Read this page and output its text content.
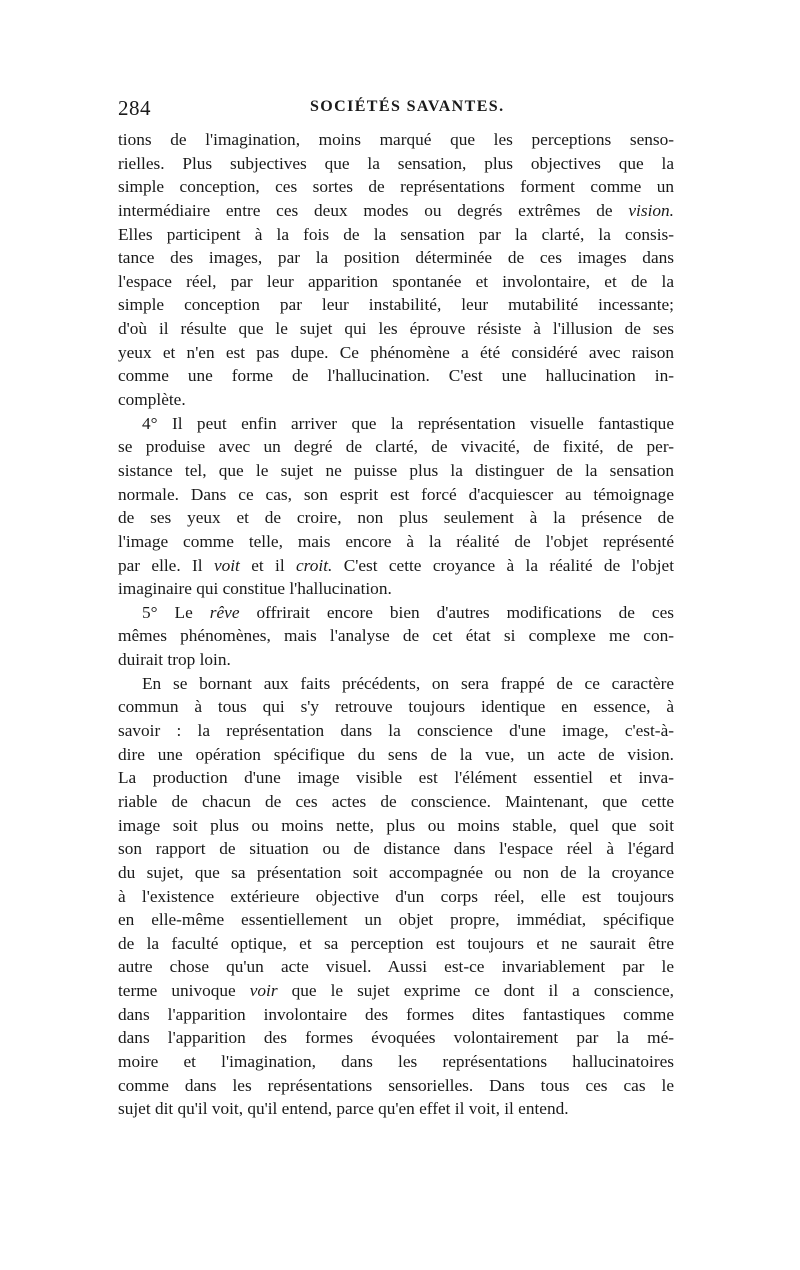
284	SOCIÉTÉS SAVANTES.
tions de l'imagination, moins marqué que les perceptions senso-
rielles. Plus subjectives que la sensation, plus objectives que la
simple conception, ces sortes de représentations forment comme un
intermédiaire entre ces deux modes ou degrés extrêmes de vision.
Elles participent à la fois de la sensation par la clarté, la consis-
tance des images, par la position déterminée de ces images dans
l'espace réel, par leur apparition spontanée et involontaire, et de la
simple conception par leur instabilité, leur mutabilité incessante;
d'où il résulte que le sujet qui les éprouve résiste à l'illusion de ses
yeux et n'en est pas dupe. Ce phénomène a été considéré avec raison
comme une forme de l'hallucination. C'est une hallucination in-
complète.
4° Il peut enfin arriver que la représentation visuelle fantastique
se produise avec un degré de clarté, de vivacité, de fixité, de per-
sistance tel, que le sujet ne puisse plus la distinguer de la sensation
normale. Dans ce cas, son esprit est forcé d'acquiescer au témoignage
de ses yeux et de croire, non plus seulement à la présence de
l'image comme telle, mais encore à la réalité de l'objet représenté
par elle. Il voit et il croit. C'est cette croyance à la réalité de l'objet
imaginaire qui constitue l'hallucination.
5° Le rêve offrirait encore bien d'autres modifications de ces
mêmes phénomènes, mais l'analyse de cet état si complexe me con-
duirait trop loin.
En se bornant aux faits précédents, on sera frappé de ce caractère
commun à tous qui s'y retrouve toujours identique en essence, à
savoir : la représentation dans la conscience d'une image, c'est-à-
dire une opération spécifique du sens de la vue, un acte de vision.
La production d'une image visible est l'élément essentiel et inva-
riable de chacun de ces actes de conscience. Maintenant, que cette
image soit plus ou moins nette, plus ou moins stable, quel que soit
son rapport de situation ou de distance dans l'espace réel à l'égard
du sujet, que sa présentation soit accompagnée ou non de la croyance
à l'existence extérieure objective d'un corps réel, elle est toujours
en elle-même essentiellement un objet propre, immédiat, spécifique
de la faculté optique, et sa perception est toujours et ne saurait être
autre chose qu'un acte visuel. Aussi est-ce invariablement par le
terme univoque voir que le sujet exprime ce dont il a conscience,
dans l'apparition involontaire des formes dites fantastiques comme
dans l'apparition des formes évoquées volontairement par la mé-
moire et l'imagination, dans les représentations hallucinatoires
comme dans les représentations sensorielles. Dans tous ces cas le
sujet dit qu'il voit, qu'il entend, parce qu'en effet il voit, il entend.
